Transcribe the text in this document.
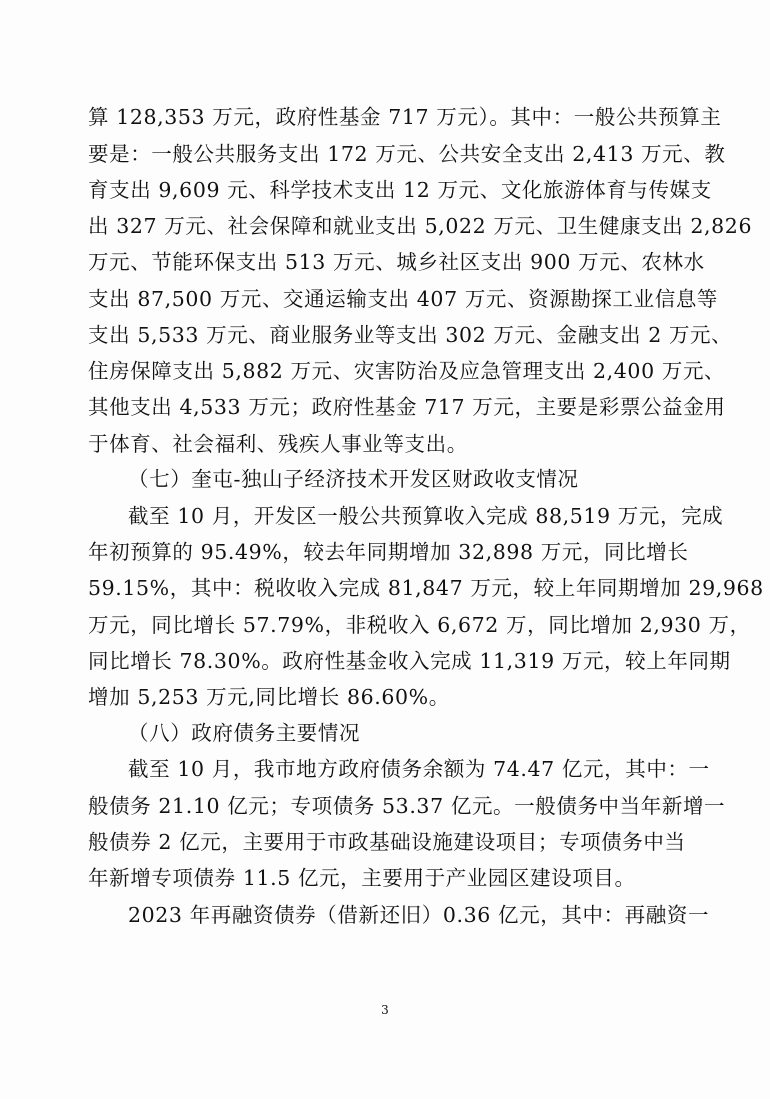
算 128,353 万元，政府性基金 717 万元）。其中：一般公共预算主
要是：一般公共服务支出 172 万元、公共安全支出 2,413 万元、教
育支出 9,609 元、科学技术支出 12 万元、文化旅游体育与传媒支
出 327 万元、社会保障和就业支出 5,022 万元、卫生健康支出 2,826
万元、节能环保支出 513 万元、城乡社区支出 900 万元、农林水
支出 87,500 万元、交通运输支出 407 万元、资源勘探工业信息等
支出 5,533 万元、商业服务业等支出 302 万元、金融支出 2 万元、
住房保障支出 5,882 万元、灾害防治及应急管理支出 2,400 万元、
其他支出 4,533 万元；政府性基金 717 万元，主要是彩票公益金用
于体育、社会福利、残疾人事业等支出。
（七）奎屯-独山子经济技术开发区财政收支情况
截至 10 月，开发区一般公共预算收入完成 88,519 万元，完成
年初预算的 95.49%，较去年同期增加 32,898 万元，同比增长
59.15%，其中：税收收入完成 81,847 万元，较上年同期增加 29,968
万元，同比增长 57.79%，非税收入 6,672 万，同比增加 2,930 万，
同比增长 78.30%。政府性基金收入完成 11,319 万元，较上年同期
增加 5,253 万元,同比增长 86.60%。
（八）政府债务主要情况
截至 10 月，我市地方政府债务余额为 74.47 亿元，其中：一
般债务 21.10 亿元；专项债务 53.37 亿元。一般债务中当年新增一
般债券 2 亿元，主要用于市政基础设施建设项目；专项债务中当
年新增专项债券 11.5 亿元，主要用于产业园区建设项目。
2023 年再融资债券（借新还旧）0.36 亿元，其中：再融资一
3
